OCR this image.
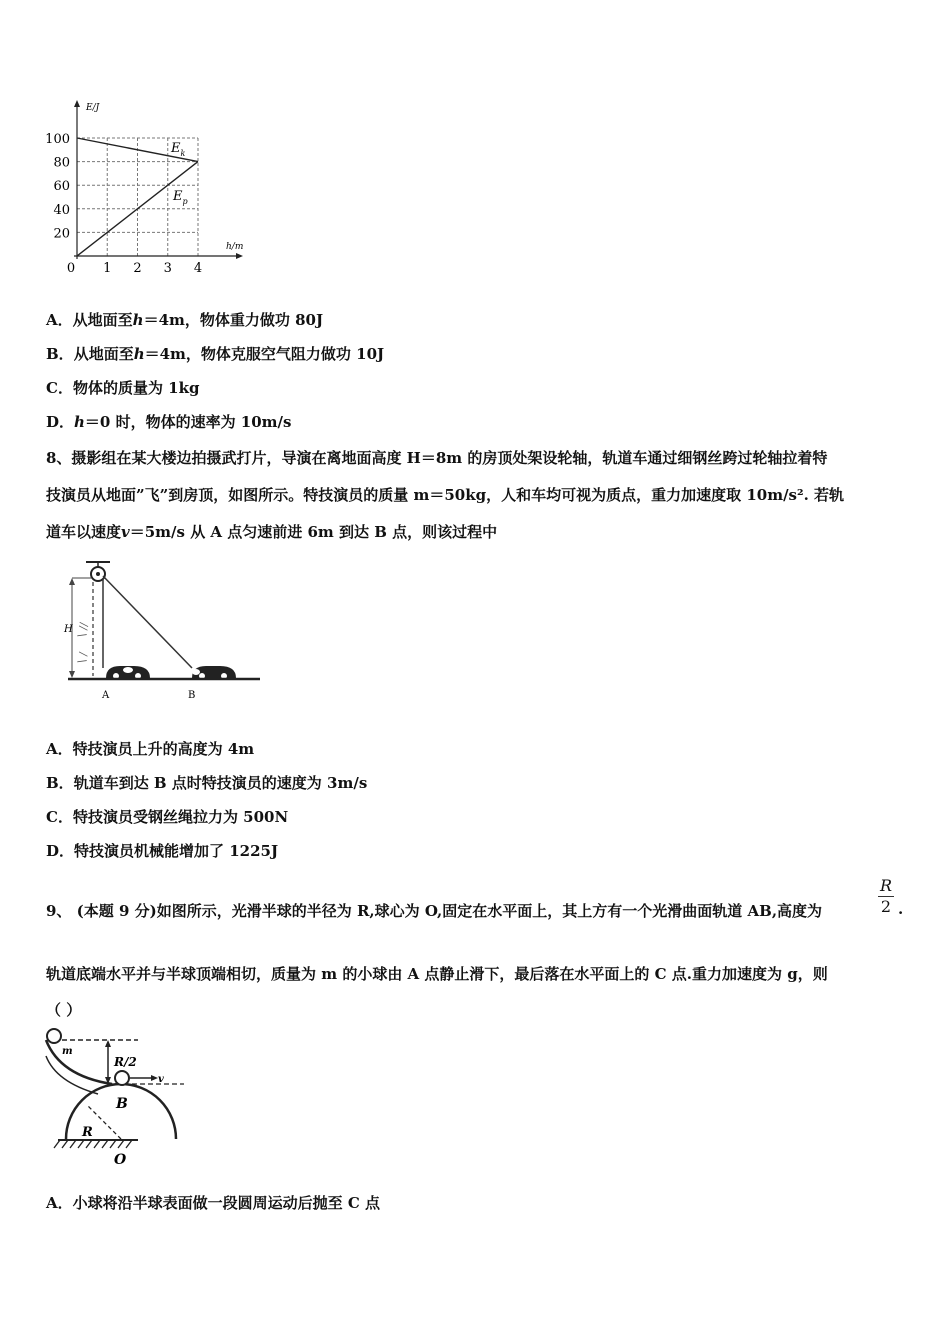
E/J
h/m
100
80
60
40
20
0 1 2 3 4
$E_k$
$E_p$
A．从地面至h＝4m，物体重力做功 80J
B．从地面至h＝4m，物体克服空气阻力做功 10J
C．物体的质量为 1kg
D．h＝0 时，物体的速率为 10m/s
8、摄影组在某大楼边拍摄武打片，导演在离地面高度 H＝8m 的房顶处架设轮轴，轨道车通过细钢丝跨过轮轴拉着特
技演员从地面”飞”到房顶，如图所示。特技演员的质量 m＝50kg，人和车均可视为质点，重力加速度取 10m/s². 若轨
道车以速度v＝5m/s 从 A 点匀速前进 6m 到达 B 点，则该过程中
H
\ /
\ //
A	B
A．特技演员上升的高度为 4m
B．轨道车到达 B 点时特技演员的速度为 3m/s
C．特技演员受钢丝绳拉力为 500N
D．特技演员机械能增加了 1225J
9、 (本题 9 分)如图所示，光滑半球的半径为 R,球心为 O,固定在水平面上，其上方有一个光滑曲面轨道 AB,高度为
R
2 .
轨道底端水平并与半球顶端相切，质量为 m 的小球由 A 点静止滑下，最后落在水平面上的 C 点.重力加速度为 g，则
（ ）
m
R/2
v
B
R
O
A．小球将沿半球表面做一段圆周运动后抛至 C 点
